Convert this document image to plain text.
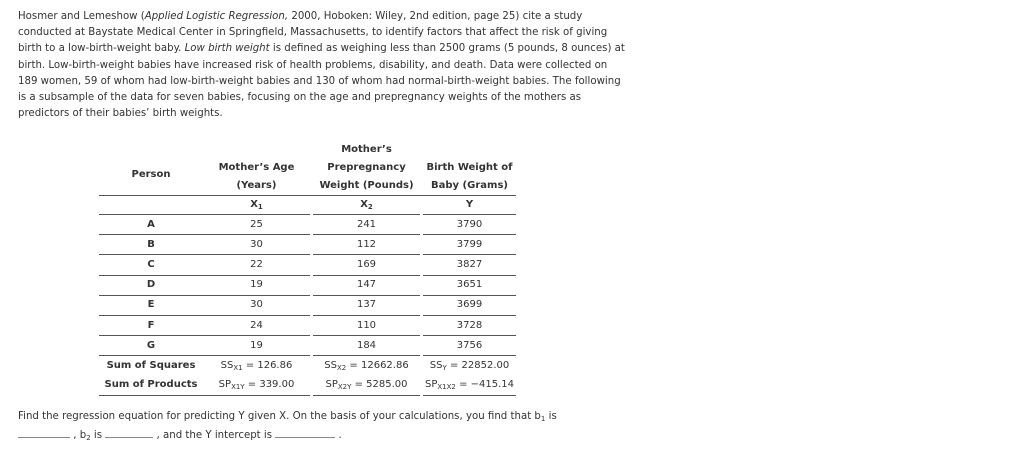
Hosmer and Lemeshow (Applied Logistic Regression, 2000, Hoboken: Wiley, 2nd edition, page 25) cite a study conducted at Baystate Medical Center in Springfield, Massachusetts, to identify factors that affect the risk of giving birth to a low-birth-weight baby. Low birth weight is defined as weighing less than 2500 grams (5 pounds, 8 ounces) at birth. Low-birth-weight babies have increased risk of health problems, disability, and death. Data were collected on 189 women, 59 of whom had low-birth-weight babies and 130 of whom had normal-birth-weight babies. The following is a subsample of the data for seven babies, focusing on the age and prepregnancy weights of the mothers as predictors of their babies’ birth weights.
Person	Mother’s Age		Mother’s Prepregnancy		Birth Weight of
	(Years)		Weight (Pounds)		Baby (Grams)
	$X_1$		$X_2$		Y
A	25		241		3790
B	30		112		3799
C	22		169		3827
D	19		147		3651
E	30		137		3699
F	24		110		3728
G	19		184		3756
Sum of Squares	$SS_{X1} = 126.86$		$SS_{X2} = 12662.86$		$SS_Y = 22852.00$
Sum of Products	$SP_{X1Y} = 339.00$		$SP_{X2Y} = 5285.00$		$SP_{X1X2} = -415.14$
Find the regression equation for predicting Y given X. On the basis of your calculations, you find that $b_1$ is
, $b_2$ is	, and the Y intercept is	.
